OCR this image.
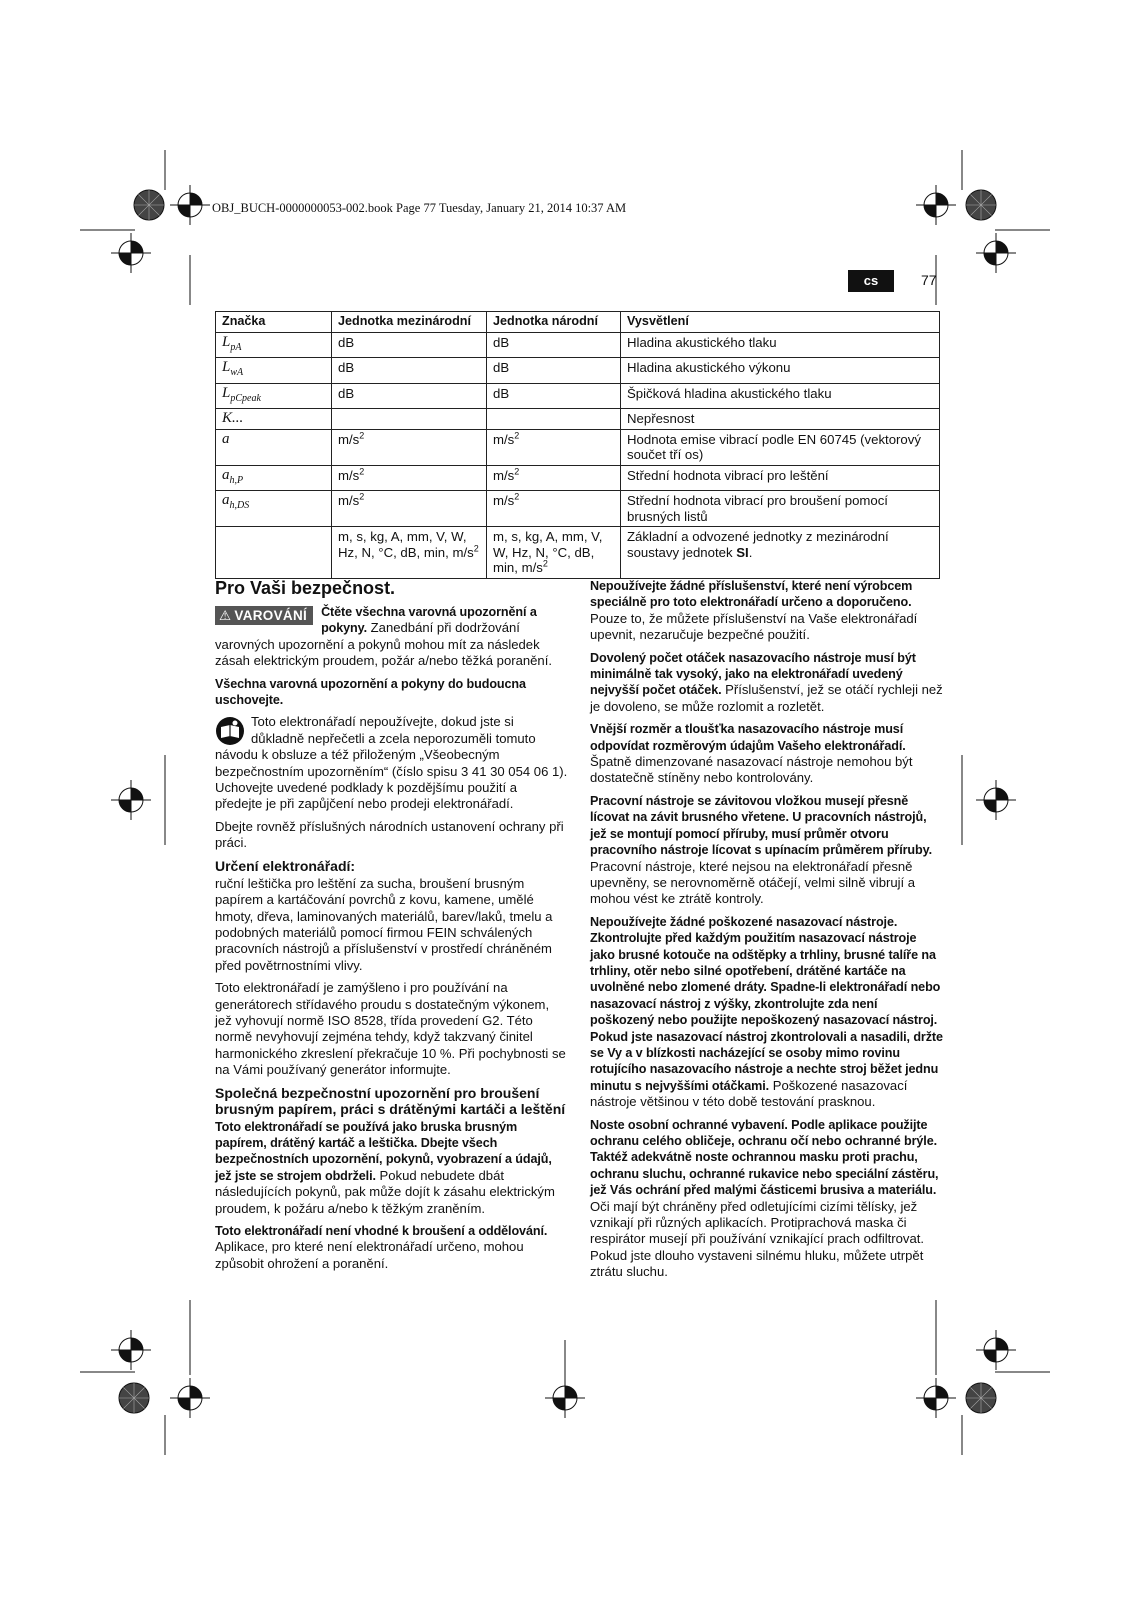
OBJ_BUCH-0000000053-002.book Page 77 Tuesday, January 21, 2014 10:37 AM
cs	77
Značka	Jednotka mezinárodní	Jednotka národní	Vysvětlení
$L_{pA}$	dB	dB	Hladina akustického tlaku
$L_{wA}$	dB	dB	Hladina akustického výkonu
$L_{pCpeak}$	dB	dB	Špičková hladina akustického tlaku
K...			Nepřesnost
a	$m/s^2$	$m/s^2$	Hodnota emise vibrací podle EN 60745 (vektorový součet tří os)
$a_{h,P}$	$m/s^2$	$m/s^2$	Střední hodnota vibrací pro leštění
$a_{h,DS}$	$m/s^2$	$m/s^2$	Střední hodnota vibrací pro broušení pomocí brusných listů
	m, s, kg, A, mm, V, W, Hz, N, °C, dB, min, $m/s^2$	m, s, kg, A, mm, V, W, Hz, N, °C, dB, min, $m/s^2$	Základní a odvozené jednotky z mezinárodní soustavy jednotek SI.
Pro Vaši bezpečnost.

⚠ VAROVÁNÍ	Čtěte všechna varovná upozornění a pokyny. Zanedbání při dodržování varovných upozornění a pokynů mohou mít za následek zásah elektrickým proudem, požár a/nebo těžká poranění.

Všechna varovná upozornění a pokyny do budoucna uschovejte.

Toto elektronářadí nepoužívejte, dokud jste si důkladně nepřečetli a zcela neporozuměli tomuto návodu k obsluze a též přiloženým „Všeobecným bezpečnostním upozorněním“ (číslo spisu 3 41 30 054 06 1). Uchovejte uvedené podklady k pozdějšímu použití a předejte je při zapůjčení nebo prodeji elektronářadí.

Dbejte rovněž příslušných národních ustanovení ochrany při práci.

Určení elektronářadí:

ruční leštička pro leštění za sucha, broušení brusným papírem a kartáčování povrchů z kovu, kamene, umělé hmoty, dřeva, laminovaných materiálů, barev/laků, tmelu a podobných materiálů pomocí firmou FEIN schválených pracovních nástrojů a příslušenství v prostředí chráněném před povětrnostními vlivy.

Toto elektronářadí je zamýšleno i pro používání na generátorech střídavého proudu s dostatečným výkonem, jež vyhovují normě ISO 8528, třída provedení G2. Této normě nevyhovují zejména tehdy, když takzvaný činitel harmonického zkreslení překračuje 10 %. Při pochybnosti se na Vámi používaný generátor informujte.

Společná bezpečnostní upozornění pro broušení brusným papírem, práci s drátěnými kartáči a leštění

Toto elektronářadí se používá jako bruska brusným papírem, drátěný kartáč a leštička. Dbejte všech bezpečnostních upozornění, pokynů, vyobrazení a údajů, jež jste se strojem obdrželi. Pokud nebudete dbát následujících pokynů, pak může dojít k zásahu elektrickým proudem, k požáru a/nebo k těžkým zraněním.

Toto elektronářadí není vhodné k broušení a oddělování. Aplikace, pro které není elektronářadí určeno, mohou způsobit ohrožení a poranění.

Nepoužívejte žádné příslušenství, které není výrobcem speciálně pro toto elektronářadí určeno a doporučeno. Pouze to, že můžete příslušenství na Vaše elektronářadí upevnit, nezaručuje bezpečné použití.

Dovolený počet otáček nasazovacího nástroje musí být minimálně tak vysoký, jako na elektronářadí uvedený nejvyšší počet otáček. Příslušenství, jež se otáčí rychleji než je dovoleno, se může rozlomit a rozletět.

Vnější rozměr a tloušťka nasazovacího nástroje musí odpovídat rozměrovým údajům Vašeho elektronářadí. Špatně dimenzované nasazovací nástroje nemohou být dostatečně stíněny nebo kontrolovány.

Pracovní nástroje se závitovou vložkou musejí přesně lícovat na závit brusného vřetene. U pracovních nástrojů, jež se montují pomocí příruby, musí průměr otvoru pracovního nástroje lícovat s upínacím průměrem příruby. Pracovní nástroje, které nejsou na elektronářadí přesně upevněny, se nerovnoměrně otáčejí, velmi silně vibrují a mohou vést ke ztrátě kontroly.

Nepoužívejte žádné poškozené nasazovací nástroje. Zkontrolujte před každým použitím nasazovací nástroje jako brusné kotouče na odštěpky a trhliny, brusné talíře na trhliny, otěr nebo silné opotřebení, drátěné kartáče na uvolněné nebo zlomené dráty. Spadne-li elektronářadí nebo nasazovací nástroj z výšky, zkontrolujte zda není poškozený nebo použijte nepoškozený nasazovací nástroj. Pokud jste nasazovací nástroj zkontrolovali a nasadili, držte se Vy a v blízkosti nacházející se osoby mimo rovinu rotujícího nasazovacího nástroje a nechte stroj běžet jednu minutu s nejvyššími otáčkami. Poškozené nasazovací nástroje většinou v této době testování prasknou.

Noste osobní ochranné vybavení. Podle aplikace použijte ochranu celého obličeje, ochranu očí nebo ochranné brýle. Taktéž adekvátně noste ochrannou masku proti prachu, ochranu sluchu, ochranné rukavice nebo speciální zástěru, jež Vás ochrání před malými částicemi brusiva a materiálu. Oči mají být chráněny před odletujícími cizími tělísky, jež vznikají při různých aplikacích. Protiprachová maska či respirátor musejí při používání vznikající prach odfiltrovat. Pokud jste dlouho vystaveni silnému hluku, můžete utrpět ztrátu sluchu.
